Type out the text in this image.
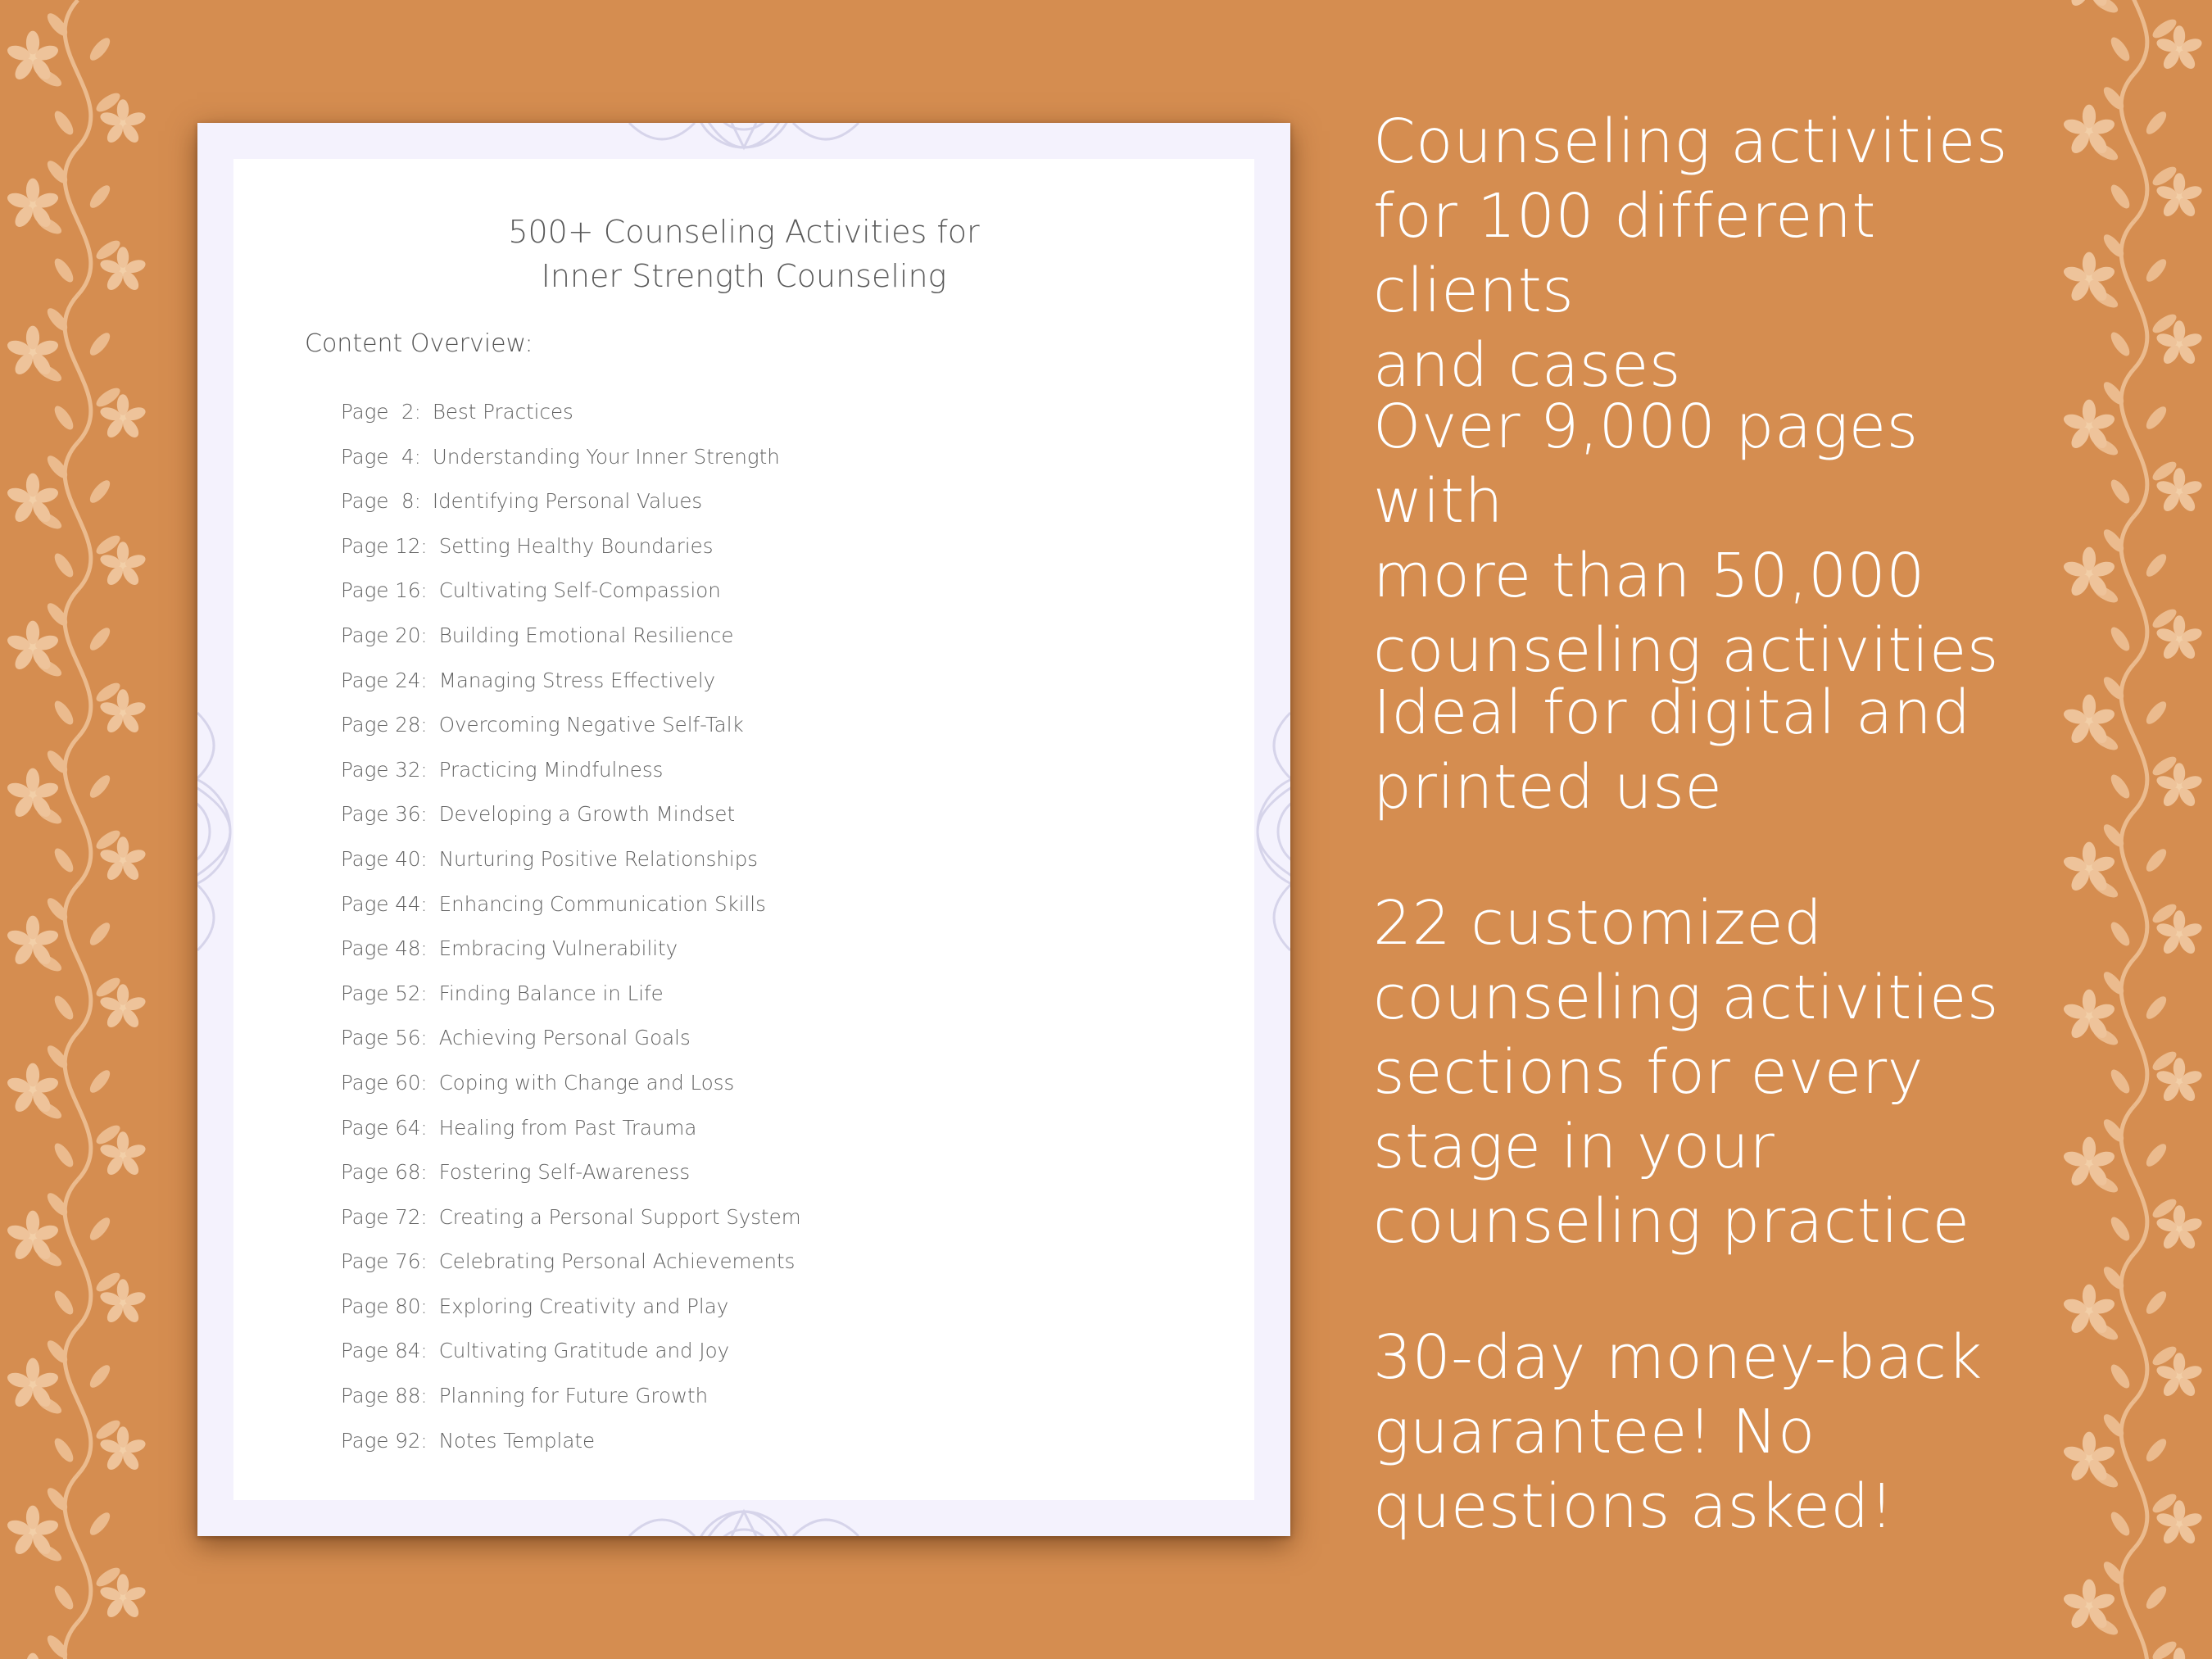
500+ Counseling Activities for
Inner Strength Counseling
Content Overview:
Page  2: Best Practices
Page  4: Understanding Your Inner Strength
Page  8: Identifying Personal Values
Page 12: Setting Healthy Boundaries
Page 16: Cultivating Self-Compassion
Page 20: Building Emotional Resilience
Page 24: Managing Stress Effectively
Page 28: Overcoming Negative Self-Talk
Page 32: Practicing Mindfulness
Page 36: Developing a Growth Mindset
Page 40: Nurturing Positive Relationships
Page 44: Enhancing Communication Skills
Page 48: Embracing Vulnerability
Page 52: Finding Balance in Life
Page 56: Achieving Personal Goals
Page 60: Coping with Change and Loss
Page 64: Healing from Past Trauma
Page 68: Fostering Self-Awareness
Page 72: Creating a Personal Support System
Page 76: Celebrating Personal Achievements
Page 80: Exploring Creativity and Play
Page 84: Cultivating Gratitude and Joy
Page 88: Planning for Future Growth
Page 92: Notes Template

Counseling activities
for 100 different clients
and cases

Over 9,000 pages with
more than 50,000
counseling activities

Ideal for digital and
printed use

22 customized
counseling activities
sections for every
stage in your
counseling practice

30-day money-back
guarantee! No
questions asked!
